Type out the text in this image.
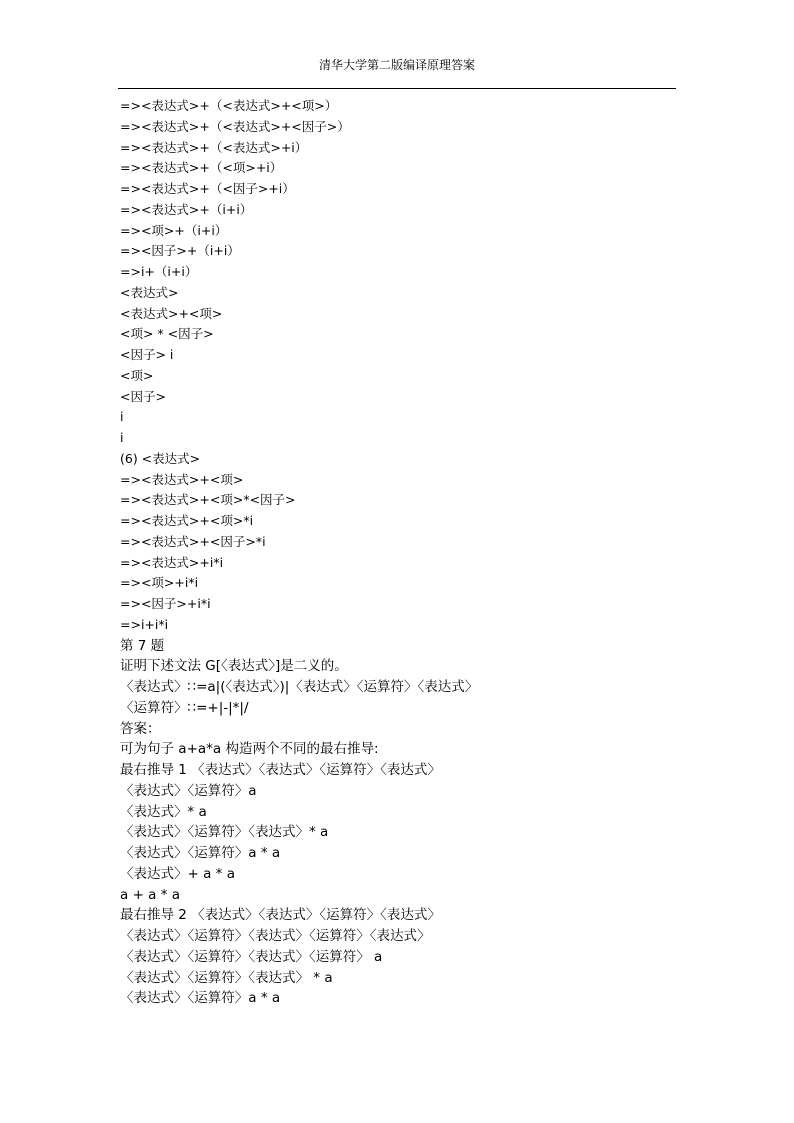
清华大学第二版编译原理答案
=><表达式>+（<表达式>+<项>）
=><表达式>+（<表达式>+<因子>）
=><表达式>+（<表达式>+i）
=><表达式>+（<项>+i）
=><表达式>+（<因子>+i）
=><表达式>+（i+i）
=><项>+（i+i）
=><因子>+（i+i）
=>i+（i+i）
<表达式>
<表达式>+<项>
<项> * <因子>
<因子> i
<项>
<因子>
i
i
(6) <表达式>
=><表达式>+<项>
=><表达式>+<项>*<因子>
=><表达式>+<项>*i
=><表达式>+<因子>*i
=><表达式>+i*i
=><项>+i*i
=><因子>+i*i
=>i+i*i
第 7 题
证明下述文法 G[〈表达式〉]是二义的。
〈表达式〉∷=a|(〈表达式〉)|〈表达式〉〈运算符〉〈表达式〉
〈运算符〉∷=+|-|*|/
答案：
可为句子 a+a*a 构造两个不同的最右推导:
最右推导 1 〈表达式〉〈表达式〉〈运算符〉〈表达式〉
〈表达式〉〈运算符〉a
〈表达式〉* a
〈表达式〉〈运算符〉〈表达式〉* a
〈表达式〉〈运算符〉a * a
〈表达式〉+ a * a
a + a * a
最右推导 2 〈表达式〉〈表达式〉〈运算符〉〈表达式〉
〈表达式〉〈运算符〉〈表达式〉〈运算符〉〈表达式〉
〈表达式〉〈运算符〉〈表达式〉〈运算符〉 a
〈表达式〉〈运算符〉〈表达式〉 * a
〈表达式〉〈运算符〉a * a
